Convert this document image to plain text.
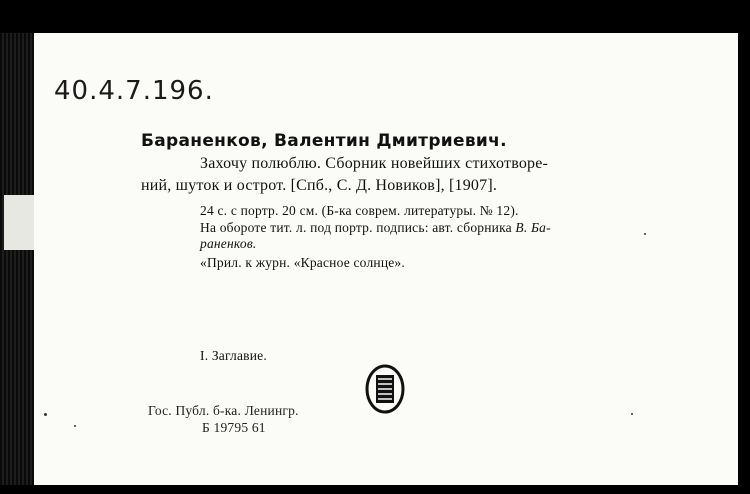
40.4.7.196.
Бараненков, Валентин Дмитриевич.
Захочу полюблю. Сборник новейших стихотворе-
ний, шуток и острот. [Спб., С. Д. Новиков], [1907].
24 с. с портр. 20 см. (Б-ка соврем. литературы. № 12).
На обороте тит. л. под портр. подпись: авт. сборника В. Ба-
раненков.
«Прил. к журн. «Красное солнце».
I. Заглавие.
Гос. Публ. б-ка. Ленингр.
Б 19795 61
